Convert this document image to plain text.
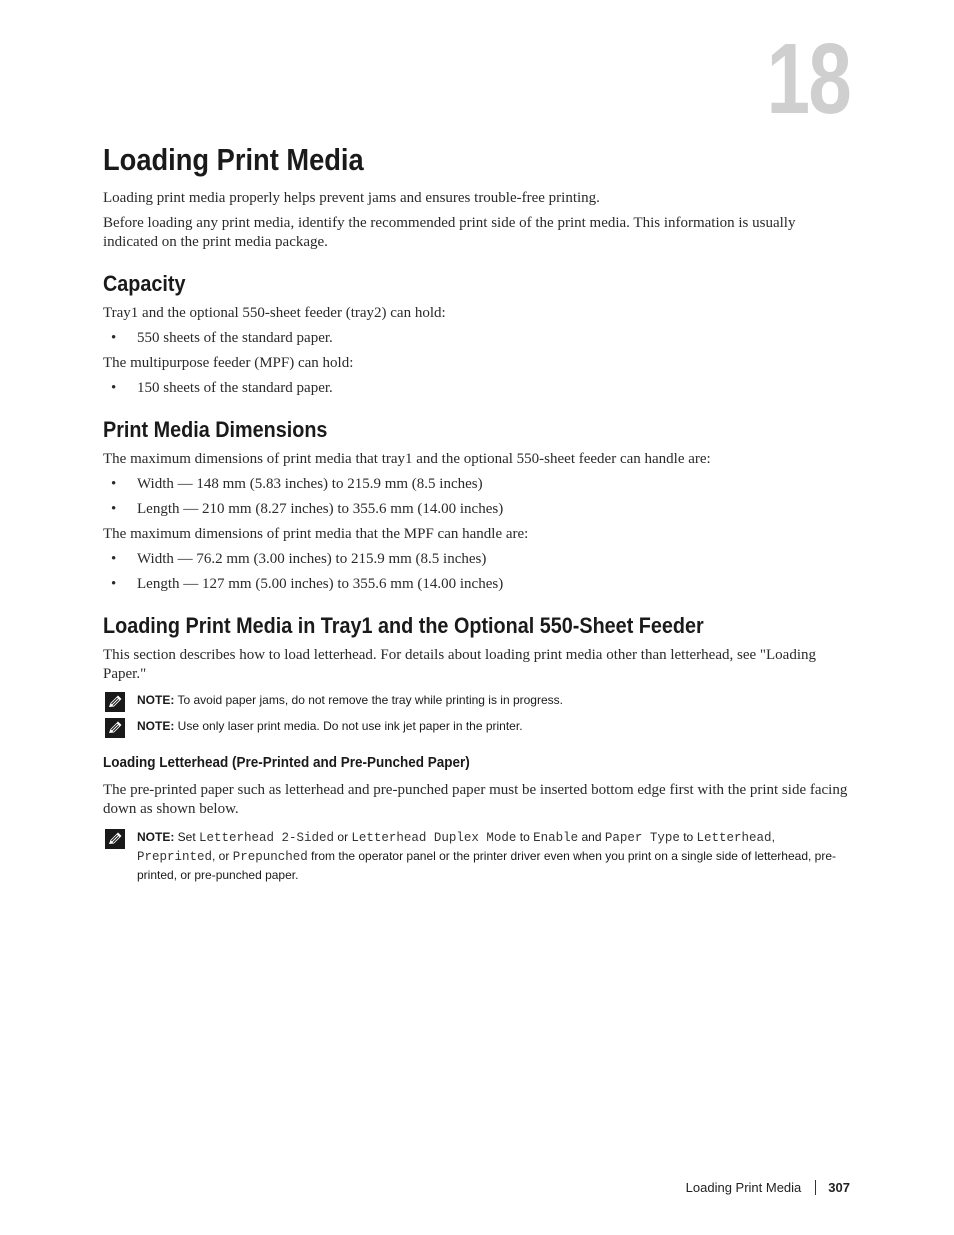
18
Loading Print Media

Loading print media properly helps prevent jams and ensures trouble-free printing.

Before loading any print media, identify the recommended print side of the print media. This information is usually indicated on the print media package.

Capacity

Tray1 and the optional 550-sheet feeder (tray2) can hold:

• 550 sheets of the standard paper.

The multipurpose feeder (MPF) can hold:

• 150 sheets of the standard paper.
Print Media Dimensions

The maximum dimensions of print media that tray1 and the optional 550-sheet feeder can handle are:

• Width — 148 mm (5.83 inches) to 215.9 mm (8.5 inches)
• Length — 210 mm (8.27 inches) to 355.6 mm (14.00 inches)

The maximum dimensions of print media that the MPF can handle are:

• Width — 76.2 mm (3.00 inches) to 215.9 mm (8.5 inches)
• Length — 127 mm (5.00 inches) to 355.6 mm (14.00 inches)
Loading Print Media in Tray1 and the Optional 550-Sheet Feeder

This section describes how to load letterhead. For details about loading print media other than letterhead, see "Loading Paper."

NOTE: To avoid paper jams, do not remove the tray while printing is in progress.
NOTE: Use only laser print media. Do not use ink jet paper in the printer.
Loading Letterhead (Pre-Printed and Pre-Punched Paper)

The pre-printed paper such as letterhead and pre-punched paper must be inserted bottom edge first with the print side facing down as shown below.

NOTE: Set Letterhead 2-Sided or Letterhead Duplex Mode to Enable and Paper Type to Letterhead, Preprinted, or Prepunched from the operator panel or the printer driver even when you print on a single side of letterhead, pre-printed, or pre-punched paper.
Loading Print Media 307
